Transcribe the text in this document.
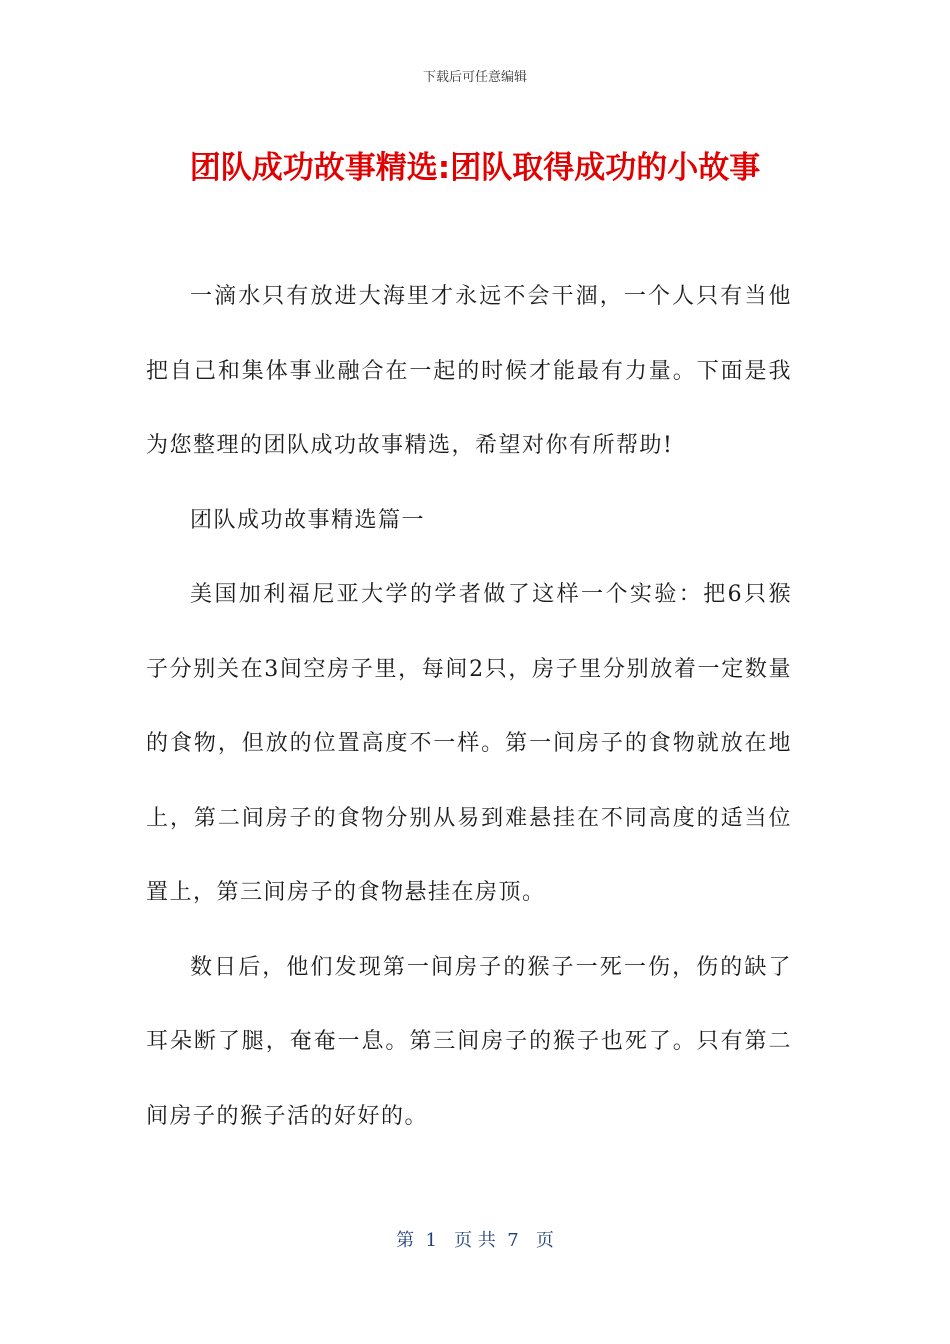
下载后可任意编辑
团队成功故事精选:团队取得成功的小故事

一滴水只有放进大海里才永远不会干涸，一个人只有当他把自己和集体事业融合在一起的时候才能最有力量。下面是我为您整理的团队成功故事精选，希望对你有所帮助!

团队成功故事精选篇一

美国加利福尼亚大学的学者做了这样一个实验：把6只猴子分别关在3间空房子里，每间2只，房子里分别放着一定数量的食物，但放的位置高度不一样。第一间房子的食物就放在地上，第二间房子的食物分别从易到难悬挂在不同高度的适当位置上，第三间房子的食物悬挂在房顶。

数日后，他们发现第一间房子的猴子一死一伤，伤的缺了耳朵断了腿，奄奄一息。第三间房子的猴子也死了。只有第二间房子的猴子活的好好的。

第  1   页 共  7   页
